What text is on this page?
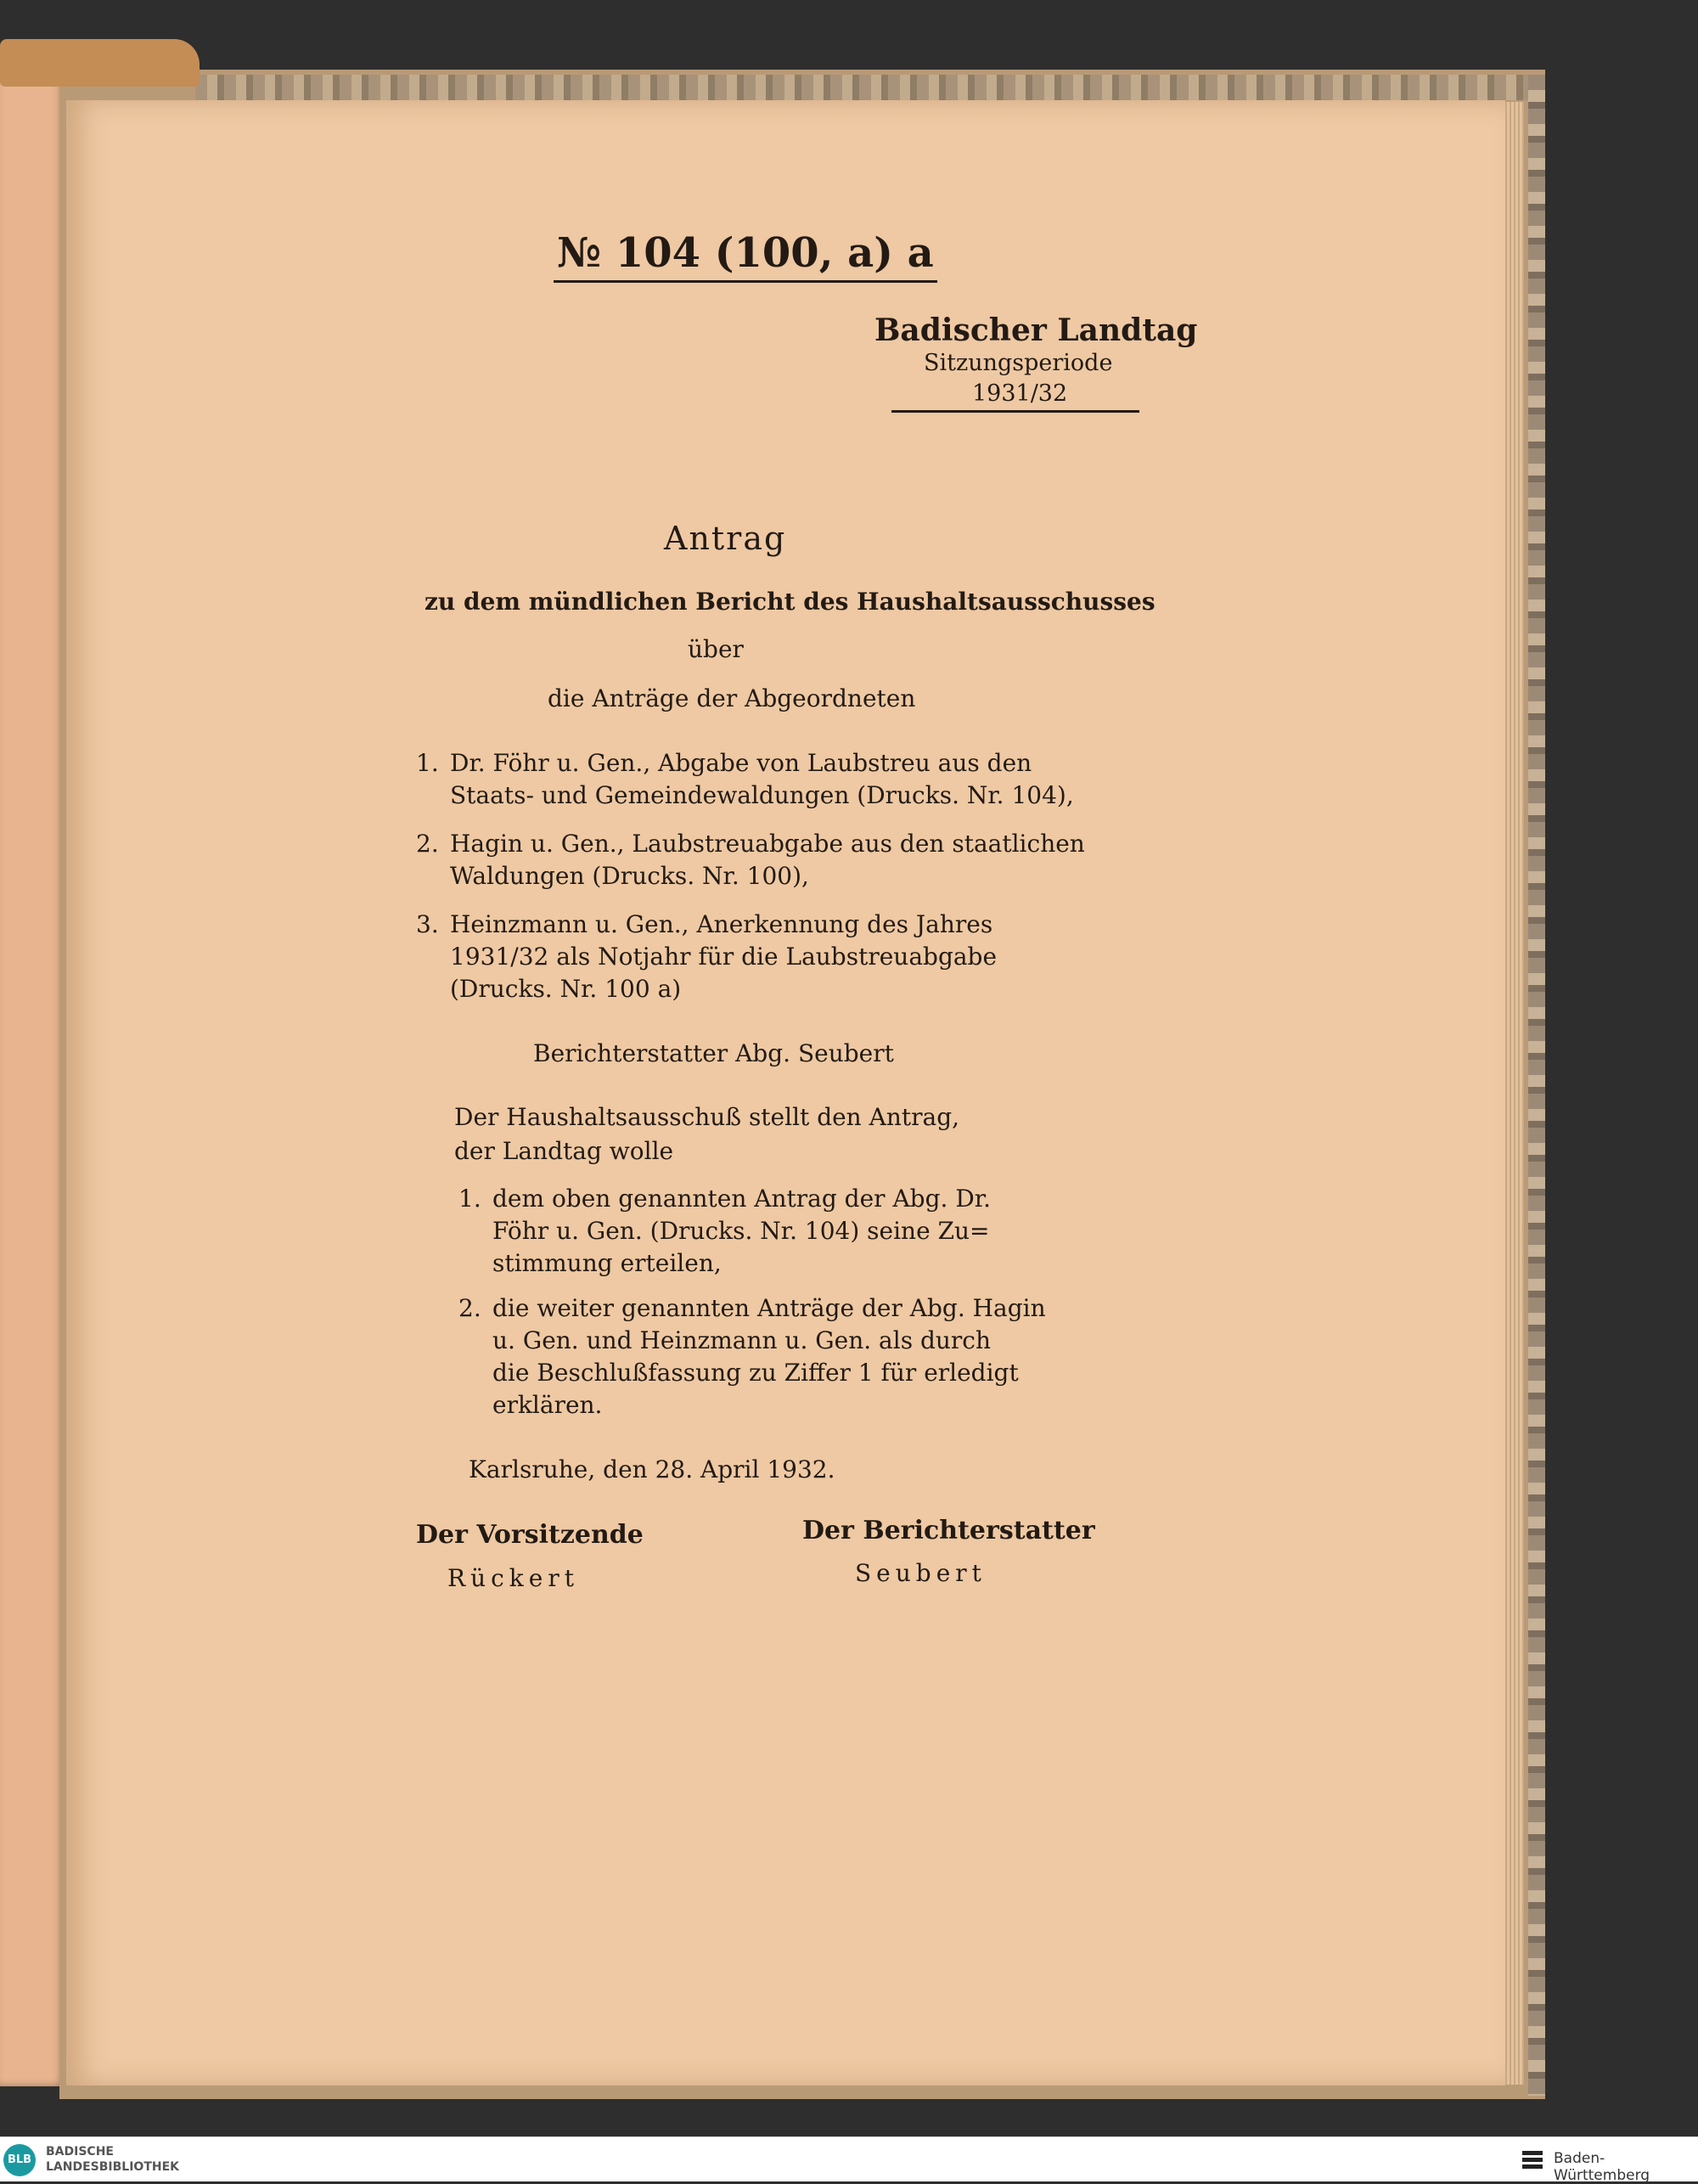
№ 104 (100, a) a
Badischer Landtag
Sitzungsperiode
1931/32
Antrag
zu dem mündlichen Bericht des Haushaltsausschusses
über
die Anträge der Abgeordneten
1. Dr. Föhr u. Gen., Abgabe von Laubstreu aus den
Staats- und Gemeindewaldungen (Drucks. Nr. 104),
2. Hagin u. Gen., Laubstreuabgabe aus den staatlichen
Waldungen (Drucks. Nr. 100),
3. Heinzmann u. Gen., Anerkennung des Jahres
1931/32 als Notjahr für die Laubstreuabgabe
(Drucks. Nr. 100 a)
Berichterstatter Abg. Seubert
Der Haushaltsausschuß stellt den Antrag,
der Landtag wolle
1. dem oben genannten Antrag der Abg. Dr.
Föhr u. Gen. (Drucks. Nr. 104) seine Zu=
stimmung erteilen,
2. die weiter genannten Anträge der Abg. Hagin
u. Gen. und Heinzmann u. Gen. als durch
die Beschlußfassung zu Ziffer 1 für erledigt
erklären.
Karlsruhe, den 28. April 1932.
Der Vorsitzende
Rückert
Der Berichterstatter
Seubert
BLB
BADISCHE
LANDESBIBLIOTHEK	Baden-Württemberg
